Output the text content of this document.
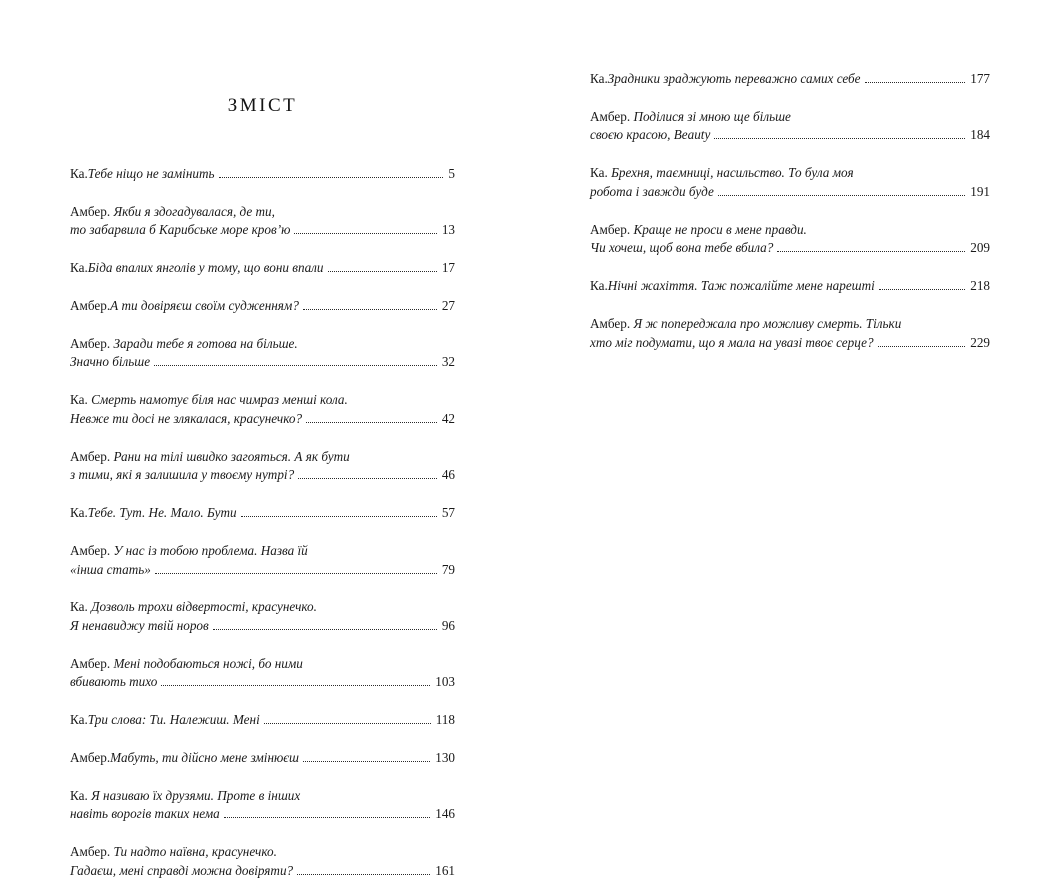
ЗМІСТ
Ка. Тебе ніщо не замінить	5
Амбер. Якби я здогадувалася, де ти,
то забарвила б Карибське море кров’ю	13
Ка. Біда впалих янголів у тому, що вони впали	17
Амбер. А ти довіряєш своїм судженням?	27
Амбер. Заради тебе я готова на більше.
Значно більше	32
Ка. Смерть намотує біля нас чимраз менші кола.
Невже ти досі не злякалася, красунечко?	42
Амбер. Рани на тілі швидко загояться. А як бути
з тими, які я залишила у твоєму нутрі?	46
Ка. Тебе. Тут. Не. Мало. Бути	57
Амбер. У нас із тобою проблема. Назва їй
«інша стать»	79
Ка. Дозволь трохи відвертості, красунечко.
Я ненавиджу твій норов	96
Амбер. Мені подобаються ножі, бо ними
вбивають тихо	103
Ка. Три слова: Ти. Належиш. Мені	118
Амбер. Мабуть, ти дійсно мене змінюєш	130
Ка. Я називаю їх друзями. Проте в інших
навіть ворогів таких нема	146
Амбер. Ти надто наївна, красунечко.
Гадаєш, мені справді можна довіряти?	161
Ка. Зрадники зраджують переважно самих себе	177
Амбер. Поділися зі мною ще більше
своєю красою, Beauty	184
Ка. Брехня, таємниці, насильство. То була моя
робота і завжди буде	191
Амбер. Краще не проси в мене правди.
Чи хочеш, щоб вона тебе вбила?	209
Ка. Нічні жахіття. Таж пожалійте мене нарешті	218
Амбер. Я ж попереджала про можливу смерть. Тільки
хто міг подумати, що я мала на увазі твоє серце?	229
